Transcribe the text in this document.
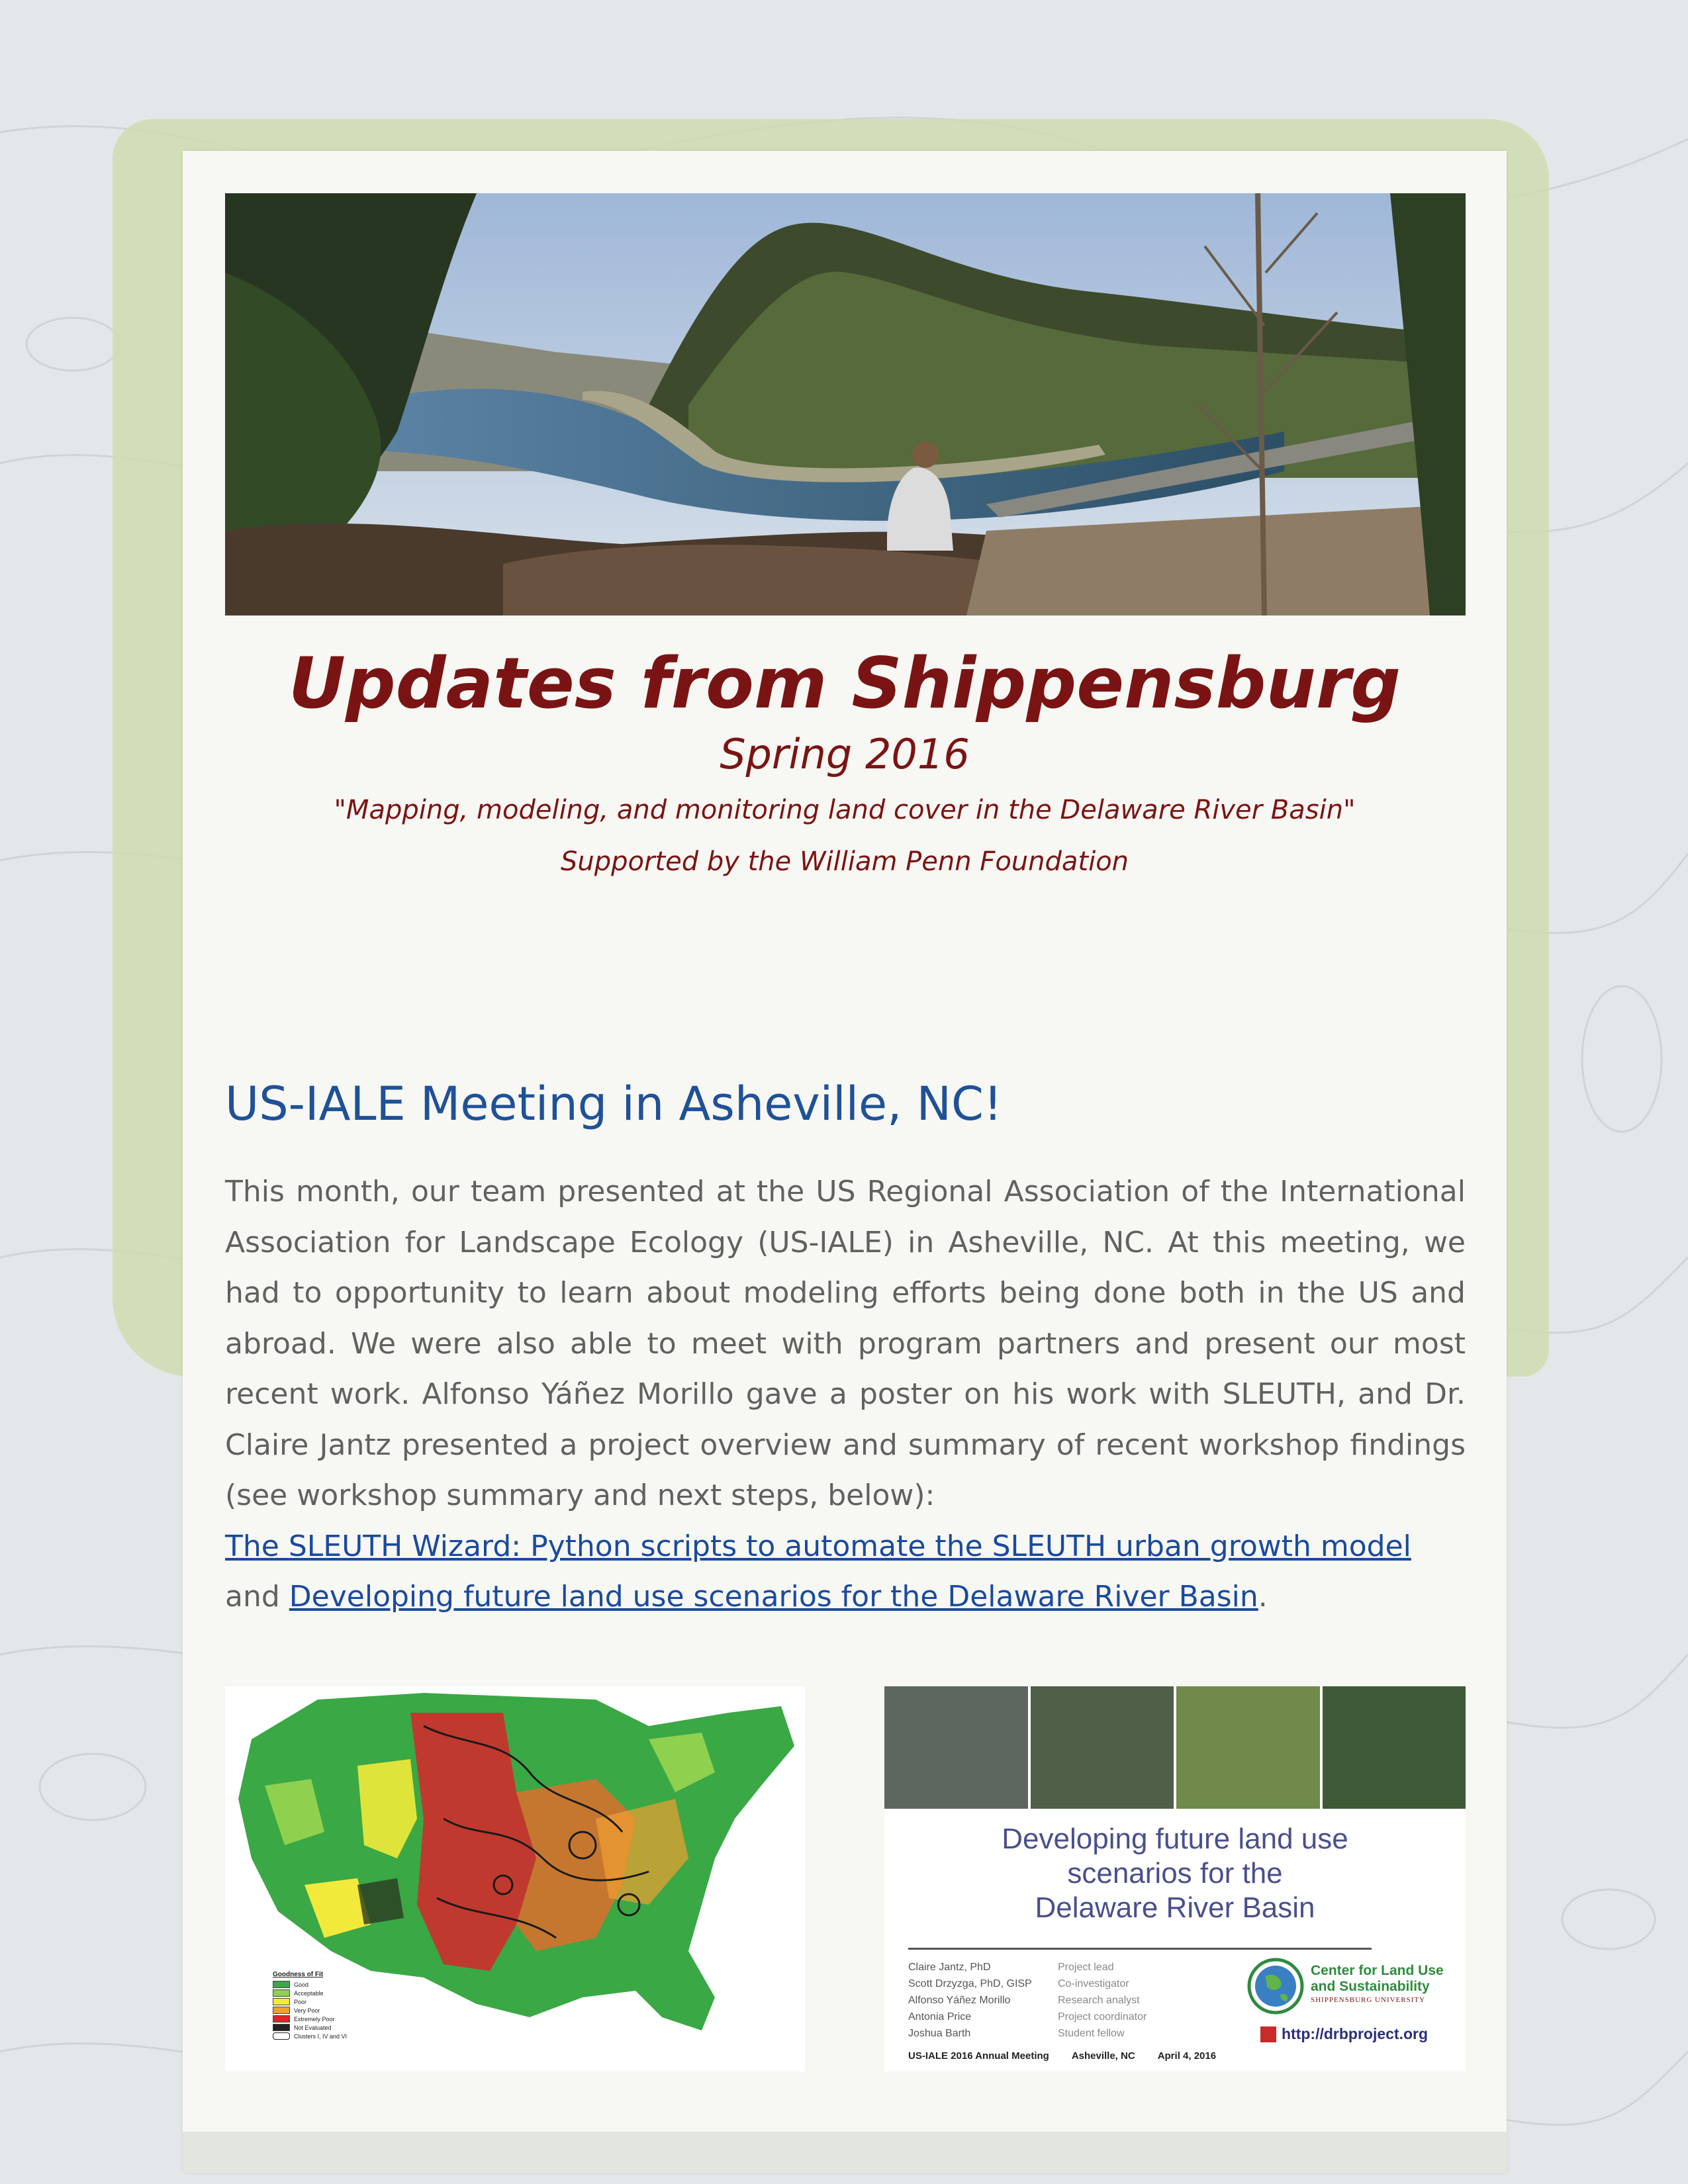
Updates from Shippensburg
Spring 2016
"Mapping, modeling, and monitoring land cover in the Delaware River Basin"
Supported by the William Penn Foundation
US-IALE Meeting in Asheville, NC!

This month, our team presented at the US Regional Association of the International Association for Landscape Ecology (US-IALE) in Asheville, NC. At this meeting, we had to opportunity to learn about modeling efforts being done both in the US and abroad. We were also able to meet with program partners and present our most recent work. Alfonso Yáñez Morillo gave a poster on his work with SLEUTH, and Dr. Claire Jantz presented a project overview and summary of recent workshop findings (see workshop summary and next steps, below):
The SLEUTH Wizard: Python scripts to automate the SLEUTH urban growth model
and Developing future land use scenarios for the Delaware River Basin.

Goodness of Fit
Good
Acceptable
Poor
Very Poor
Extremely Poor
Not Evaluated
Clusters I, IV and VI
Developing future land use
scenarios for the
Delaware River Basin
Claire Jantz, PhD
Scott Drzyzga, PhD, GISP
Alfonso Yáñez Morillo
Antonia Price
Joshua Barth
Project lead
Co-investigator
Research analyst
Project coordinator
Student fellow
Center for Land Use
and Sustainability
SHIPPENSBURG UNIVERSITY
http://drbproject.org
US-IALE 2016 Annual Meeting Asheville, NC April 4, 2016
